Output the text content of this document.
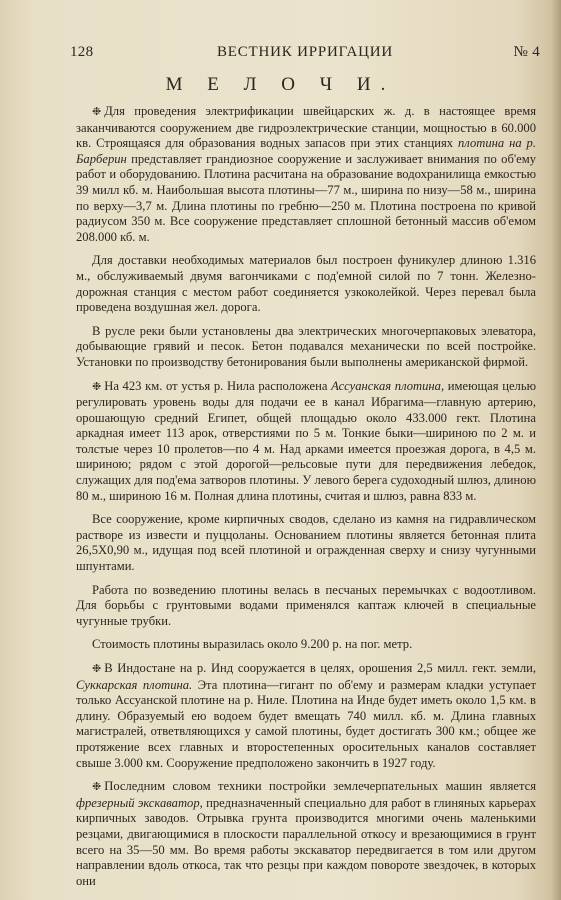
128	ВЕСТНИК ИРРИГАЦИИ	№ 4
М Е Л О Ч И.

❉ Для проведения электрификации швейцарских ж. д. в настоящее время заканчиваются сооружением две гидроэлектрические станции, мощностью в 60.000 кв. Строящаяся для образования водных запасов при этих станциях плотина на р. Барберин представляет грандиозное сооружение и заслуживает внимания по об'ему работ и оборудованию. Плотина расчитана на образование водохранилища емкостью 39 милл кб. м. Наибольшая высота плотины—77 м., ширина по низу—58 м., ширина по верху—3,7 м. Длина плотины по гребню—250 м. Плотина построена по кривой радиусом 350 м. Все сооружение представляет сплошной бетонный массив об'емом 208.000 кб. м.

Для доставки необходимых материалов был построен фуникулер длиною 1.316 м., обслуживаемый двумя вагончиками с под'емной силой по 7 тонн. Железно-дорожная станция с местом работ соединяется узкоколейкой. Через перевал была проведена воздушная жел. дорога.

В русле реки были установлены два электрических многочерпаковых элеватора, добывающие грявий и песок. Бетон подавался механически по всей постройке. Установки по производству бетонирования были выполнены американской фирмой.

❉ На 423 км. от устья р. Нила расположена Ассуанская плотина, имеющая целью регулировать уровень воды для подачи ее в канал Ибрагима—главную артерию, орошающую средний Египет, общей площадью около 433.000 гект. Плотина аркадная имеет 113 арок, отверстиями по 5 м. Тонкие быки—шириною по 2 м. и толстые через 10 пролетов—по 4 м. Над арками имеется проезжая дорога, в 4,5 м. шириною; рядом с этой дорогой—рельсовые пути для передвижения лебедок, служащих для под'ема затворов плотины. У левого берега судоходный шлюз, длиною 80 м., шириною 16 м. Полная длина плотины, считая и шлюз, равна 833 м.

Все сооружение, кроме кирпичных сводов, сделано из камня на гидравлическом растворе из извести и пуццоланы. Основанием плотины является бетонная плита 26,5Х0,90 м., идущая под всей плотиной и огражденная сверху и снизу чугунными шпунтами.

Работа по возведению плотины велась в песчаных перемычках с водоотливом. Для борьбы с грунтовыми водами применялся каптаж ключей в специальные чугунные трубки.

Стоимость плотины выразилась около 9.200 р. на пог. метр.

❉ В Индостане на р. Инд сооружается в целях, орошения 2,5 милл. гект. земли, Суккарская плотина. Эта плотина—гигант по об'ему и размерам кладки уступает только Ассуанской плотине на р. Ниле. Плотина на Инде будет иметь около 1,5 км. в длину. Образуемый ею водоем будет вмещать 740 милл. кб. м. Длина главных магистралей, ответвляющихся у самой плотины, будет достигать 300 км.; общее же протяжение всех главных и второстепенных оросительных каналов составляет свыше 3.000 км. Сооружение предположено закончить в 1927 году.

❉ Последним словом техники постройки землечерпательных машин является фрезерный экскаватор, предназначенный специально для работ в глиняных карьерах кирпичных заводов. Отрывка грунта производится многими очень маленькими резцами, двигающимися в плоскости параллельной откосу и врезающимися в грунт всего на 35—50 мм. Во время работы экскаватор передвигается в том или другом направлении вдоль откоса, так что резцы при каждом повороте звездочек, в которых они
